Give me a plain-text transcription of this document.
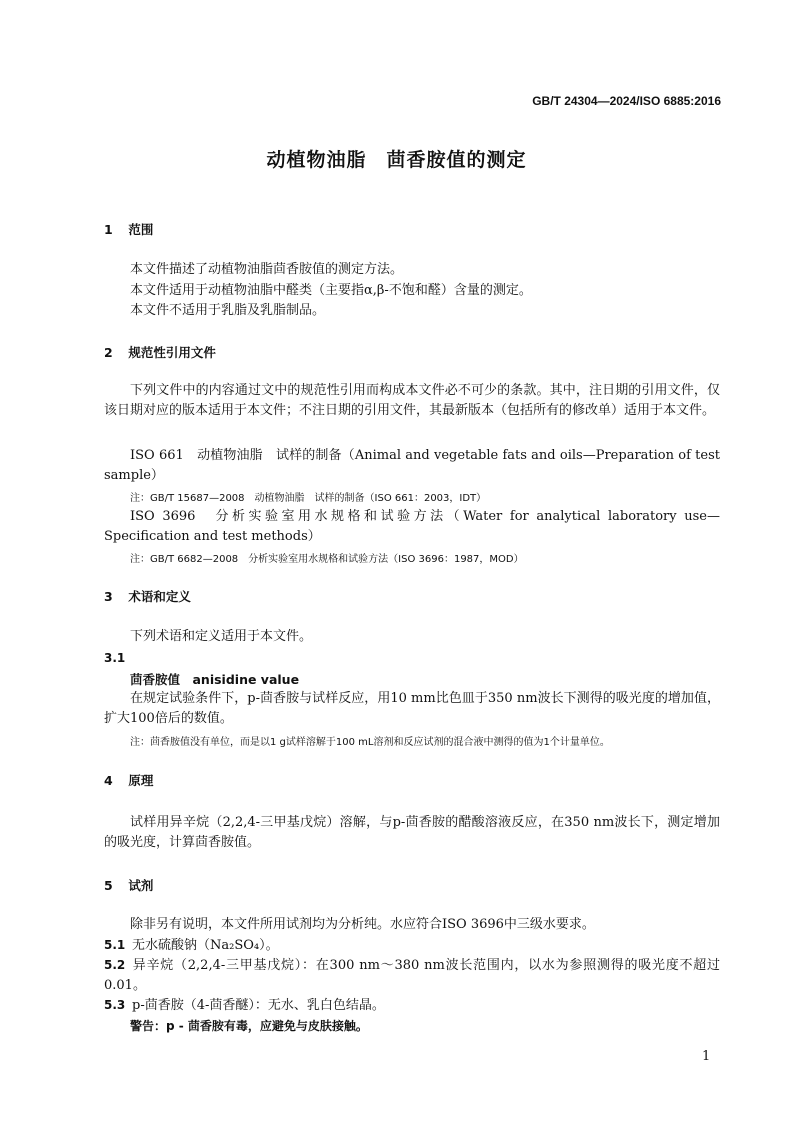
GB/T 24304—2024/ISO 6885:2016
动植物油脂　茴香胺值的测定
1 范围
本文件描述了动植物油脂茴香胺值的测定方法。
本文件适用于动植物油脂中醛类（主要指α,β-不饱和醛）含量的测定。
本文件不适用于乳脂及乳脂制品。
2 规范性引用文件
下列文件中的内容通过文中的规范性引用而构成本文件必不可少的条款。其中，注日期的引用文件，仅该日期对应的版本适用于本文件；不注日期的引用文件，其最新版本（包括所有的修改单）适用于本文件。
ISO 661　动植物油脂　试样的制备（Animal and vegetable fats and oils—Preparation of test sample）
注：GB/T 15687—2008　动植物油脂　试样的制备（ISO 661：2003，IDT）
ISO 3696　分析实验室用水规格和试验方法（Water for analytical laboratory use—Specification and test methods）
注：GB/T 6682—2008　分析实验室用水规格和试验方法（ISO 3696：1987，MOD）
3 术语和定义
下列术语和定义适用于本文件。
3.1
茴香胺值　anisidine value
在规定试验条件下，p-茴香胺与试样反应，用10 mm比色皿于350 nm波长下测得的吸光度的增加值，扩大100倍后的数值。
注：茴香胺值没有单位，而是以1 g试样溶解于100 mL溶剂和反应试剂的混合液中测得的值为1个计量单位。
4 原理
试样用异辛烷（2,2,4-三甲基戊烷）溶解，与p-茴香胺的醋酸溶液反应，在350 nm波长下，测定增加的吸光度，计算茴香胺值。
5 试剂
除非另有说明，本文件所用试剂均为分析纯。水应符合ISO 3696中三级水要求。
5.1 无水硫酸钠（Na₂SO₄）。
5.2 异辛烷（2,2,4-三甲基戊烷）：在300 nm～380 nm波长范围内，以水为参照测得的吸光度不超过0.01。
5.3 p-茴香胺（4-茴香醚）：无水、乳白色结晶。
警告：p - 茴香胺有毒，应避免与皮肤接触。
1
